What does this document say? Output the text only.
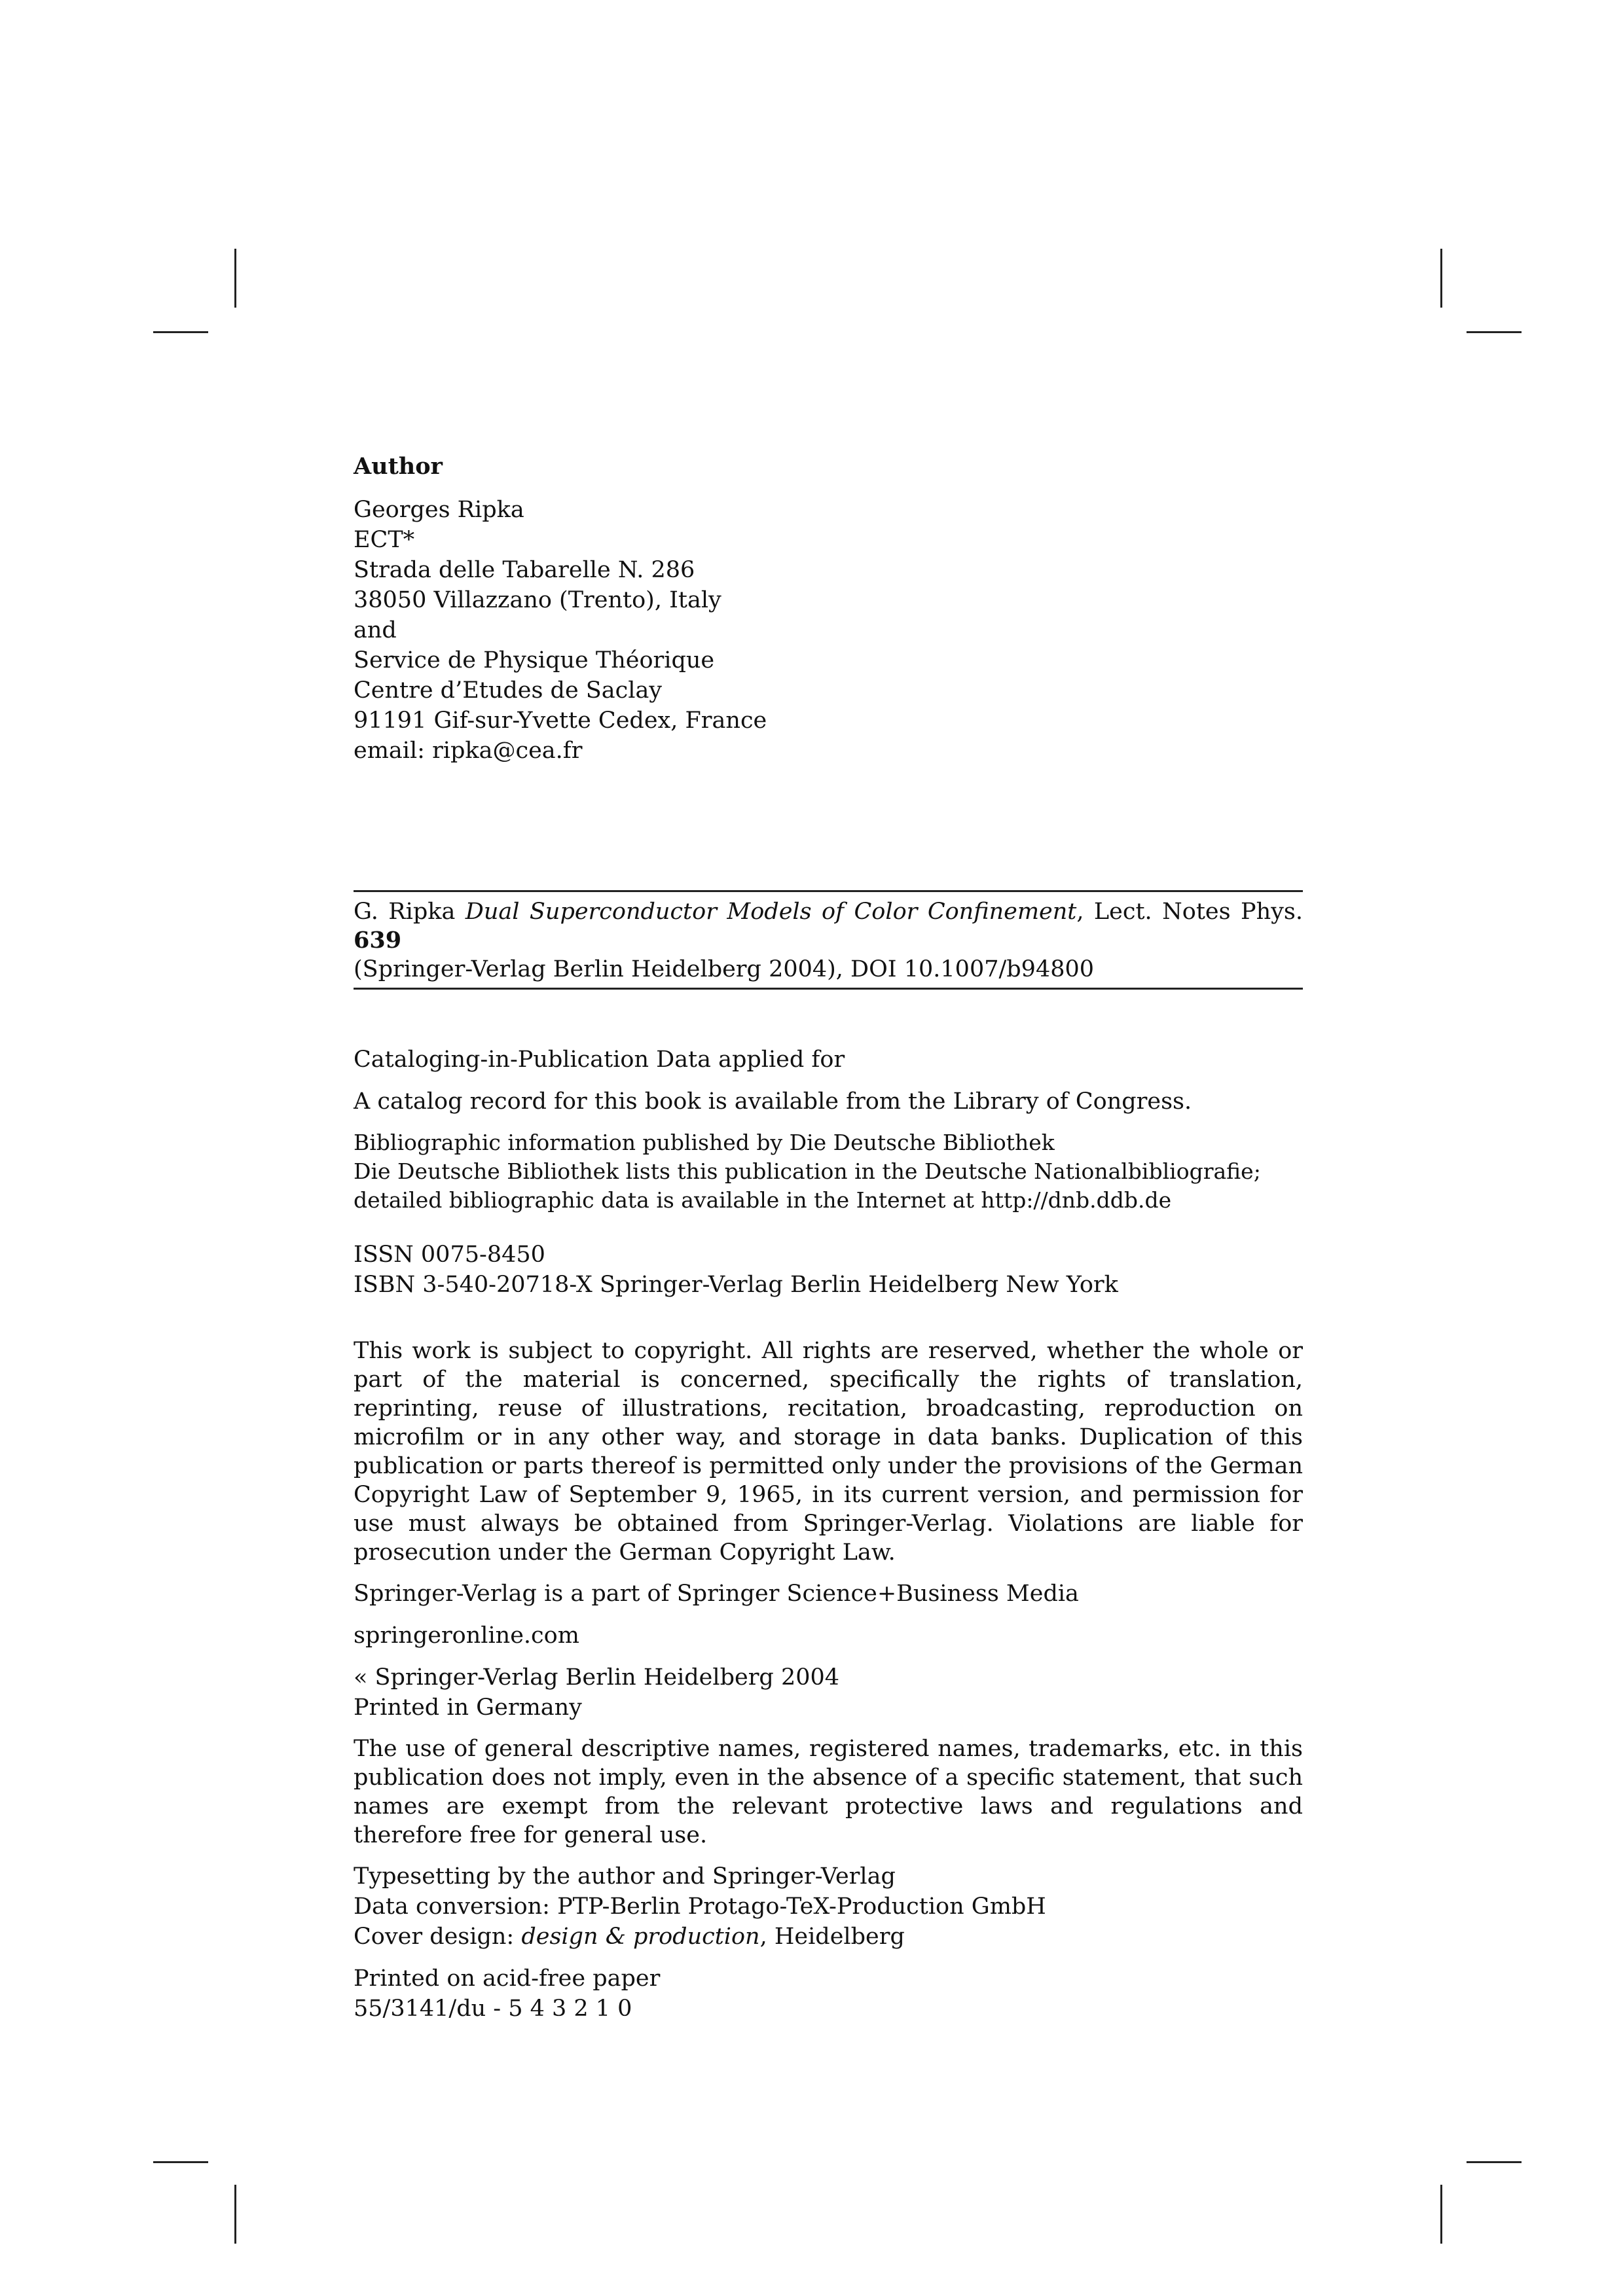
Author
Georges Ripka
ECT*
Strada delle Tabarelle N. 286
38050 Villazzano (Trento), Italy
and
Service de Physique Théorique
Centre d’Etudes de Saclay
91191 Gif-sur-Yvette Cedex, France
email: ripka@cea.fr
G. Ripka Dual Superconductor Models of Color Confinement, Lect. Notes Phys. 639
(Springer-Verlag Berlin Heidelberg 2004), DOI 10.1007/b94800
Cataloging-in-Publication Data applied for
A catalog record for this book is available from the Library of Congress.
Bibliographic information published by Die Deutsche Bibliothek
Die Deutsche Bibliothek lists this publication in the Deutsche Nationalbibliografie;
detailed bibliographic data is available in the Internet at http://dnb.ddb.de
ISSN 0075-8450
ISBN 3-540-20718-X Springer-Verlag Berlin Heidelberg New York
This work is subject to copyright. All rights are reserved, whether the whole or part of the material is concerned, specifically the rights of translation, reprinting, reuse of illustrations, recitation, broadcasting, reproduction on microfilm or in any other way, and storage in data banks. Duplication of this publication or parts thereof is permitted only under the provisions of the German Copyright Law of September 9, 1965, in its current version, and permission for use must always be obtained from Springer-Verlag. Violations are liable for prosecution under the German Copyright Law.
Springer-Verlag is a part of Springer Science+Business Media
springeronline.com
« Springer-Verlag Berlin Heidelberg 2004
Printed in Germany
The use of general descriptive names, registered names, trademarks, etc. in this publication does not imply, even in the absence of a specific statement, that such names are exempt from the relevant protective laws and regulations and therefore free for general use.
Typesetting by the author and Springer-Verlag
Data conversion: PTP-Berlin Protago-TeX-Production GmbH
Cover design: design & production, Heidelberg
Printed on acid-free paper
55/3141/du - 5 4 3 2 1 0
